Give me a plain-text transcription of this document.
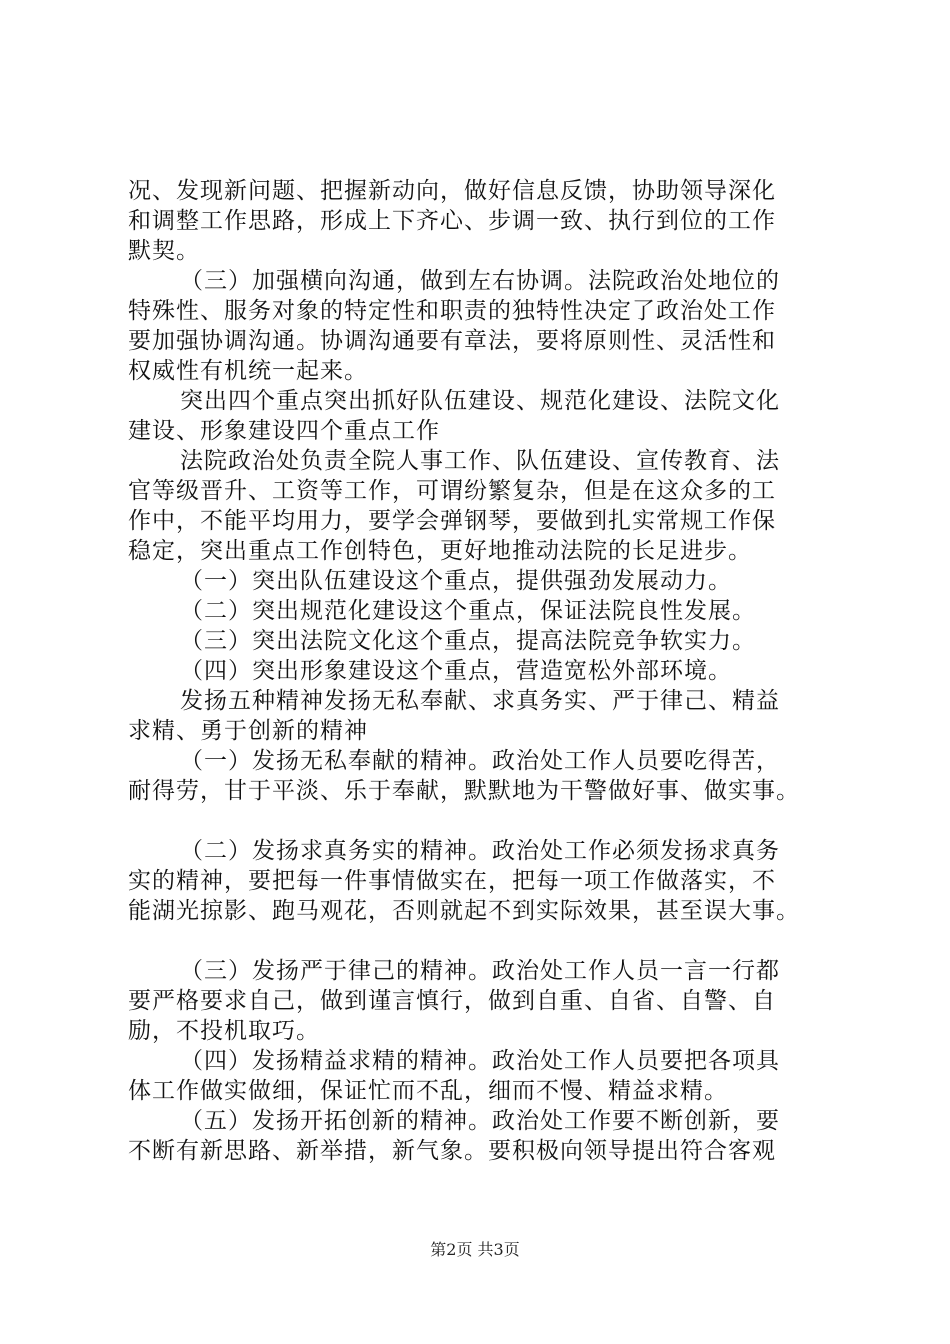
况、发现新问题、把握新动向，做好信息反馈，协助领导深化
和调整工作思路，形成上下齐心、步调一致、执行到位的工作
默契。
（三）加强横向沟通，做到左右协调。法院政治处地位的
特殊性、服务对象的特定性和职责的独特性决定了政治处工作
要加强协调沟通。协调沟通要有章法，要将原则性、灵活性和
权威性有机统一起来。
突出四个重点突出抓好队伍建设、规范化建设、法院文化
建设、形象建设四个重点工作
法院政治处负责全院人事工作、队伍建设、宣传教育、法
官等级晋升、工资等工作，可谓纷繁复杂，但是在这众多的工
作中，不能平均用力，要学会弹钢琴，要做到扎实常规工作保
稳定，突出重点工作创特色，更好地推动法院的长足进步。
（一）突出队伍建设这个重点，提供强劲发展动力。
（二）突出规范化建设这个重点，保证法院良性发展。
（三）突出法院文化这个重点，提高法院竞争软实力。
（四）突出形象建设这个重点，营造宽松外部环境。
发扬五种精神发扬无私奉献、求真务实、严于律己、精益
求精、勇于创新的精神
（一）发扬无私奉献的精神。政治处工作人员要吃得苦，
耐得劳，甘于平淡、乐于奉献，默默地为干警做好事、做实事。
（二）发扬求真务实的精神。政治处工作必须发扬求真务
实的精神，要把每一件事情做实在，把每一项工作做落实，不
能湖光掠影、跑马观花，否则就起不到实际效果，甚至误大事。
（三）发扬严于律己的精神。政治处工作人员一言一行都
要严格要求自己，做到谨言慎行，做到自重、自省、自警、自
励，不投机取巧。
（四）发扬精益求精的精神。政治处工作人员要把各项具
体工作做实做细，保证忙而不乱，细而不慢、精益求精。
（五）发扬开拓创新的精神。政治处工作要不断创新，要
不断有新思路、新举措，新气象。要积极向领导提出符合客观
第2页 共3页
